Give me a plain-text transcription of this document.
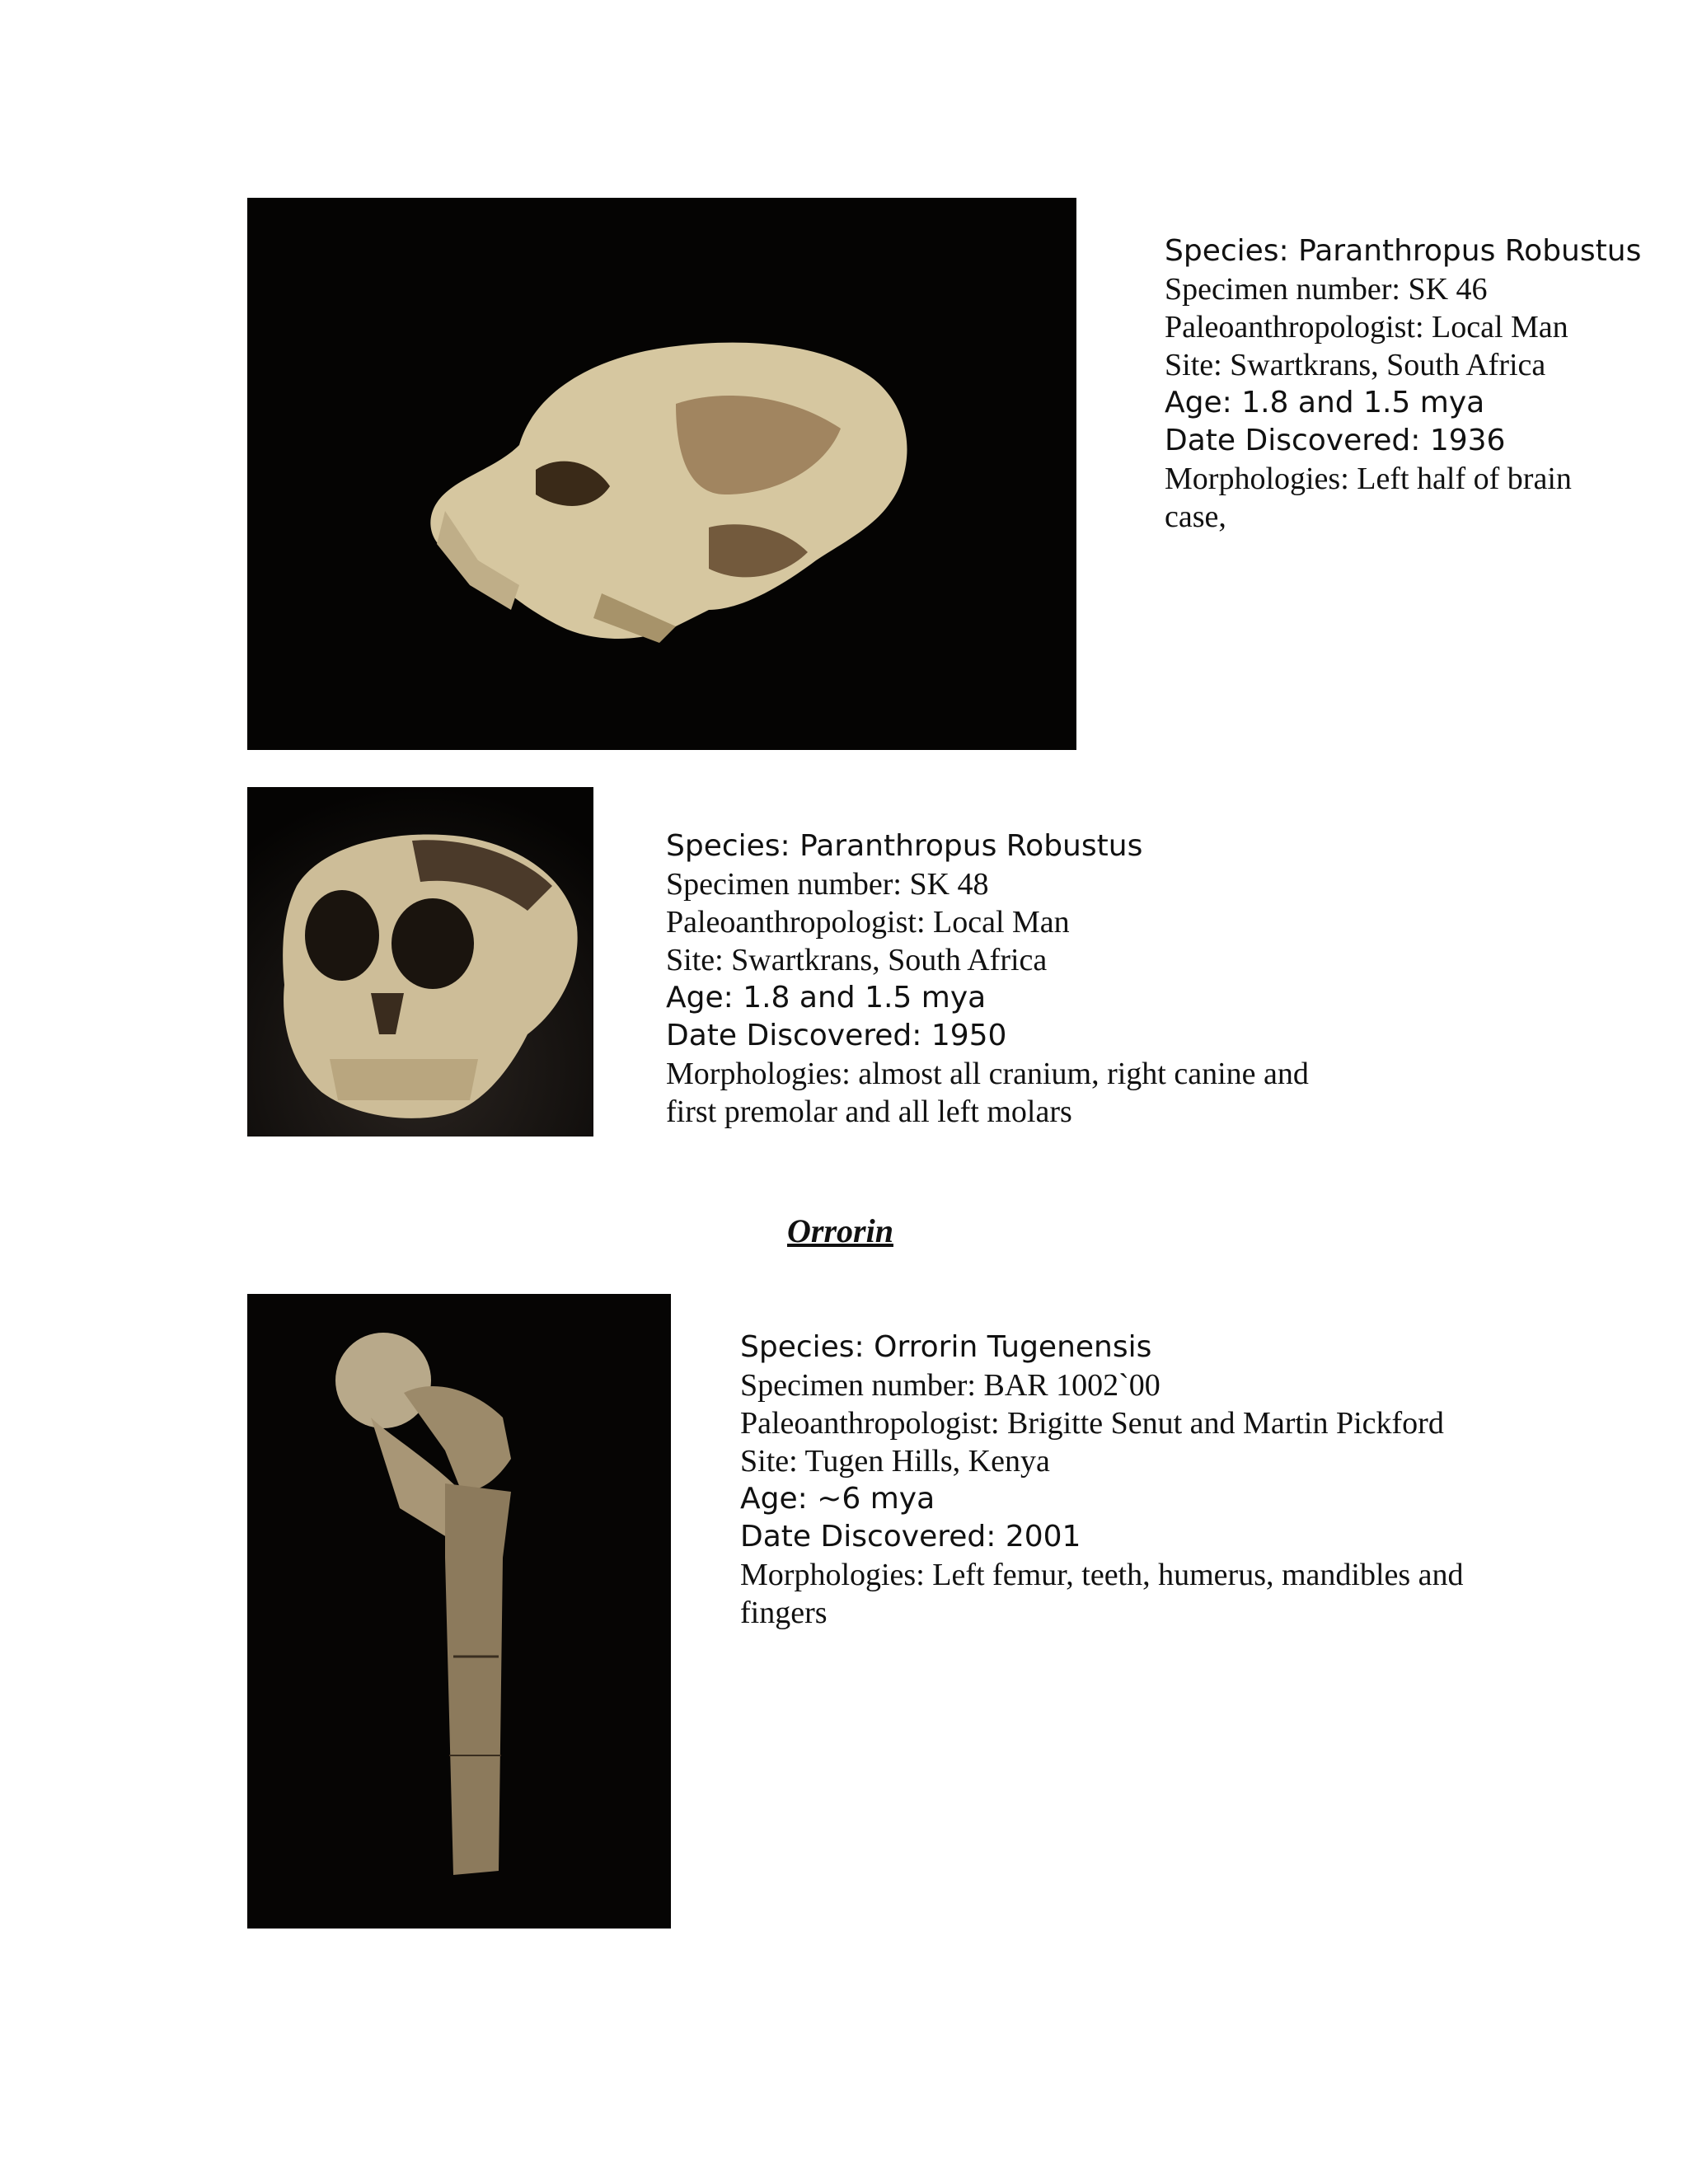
Species: Paranthropus Robustus
Specimen number: SK 46
Paleoanthropologist: Local Man
Site: Swartkrans, South Africa
Age: 1.8 and 1.5 mya
Date Discovered: 1936
Morphologies: Left half of brain case,
Species: Paranthropus Robustus
Specimen number: SK 48
Paleoanthropologist: Local Man
Site: Swartkrans, South Africa
Age: 1.8 and 1.5 mya
Date Discovered: 1950
Morphologies: almost all cranium, right canine and first premolar and all left molars
Orrorin
Species: Orrorin Tugenensis
Specimen number: BAR 1002`00
Paleoanthropologist: Brigitte Senut and Martin Pickford
Site: Tugen Hills, Kenya
Age: ~6 mya
Date Discovered: 2001
Morphologies: Left femur, teeth, humerus, mandibles and fingers
